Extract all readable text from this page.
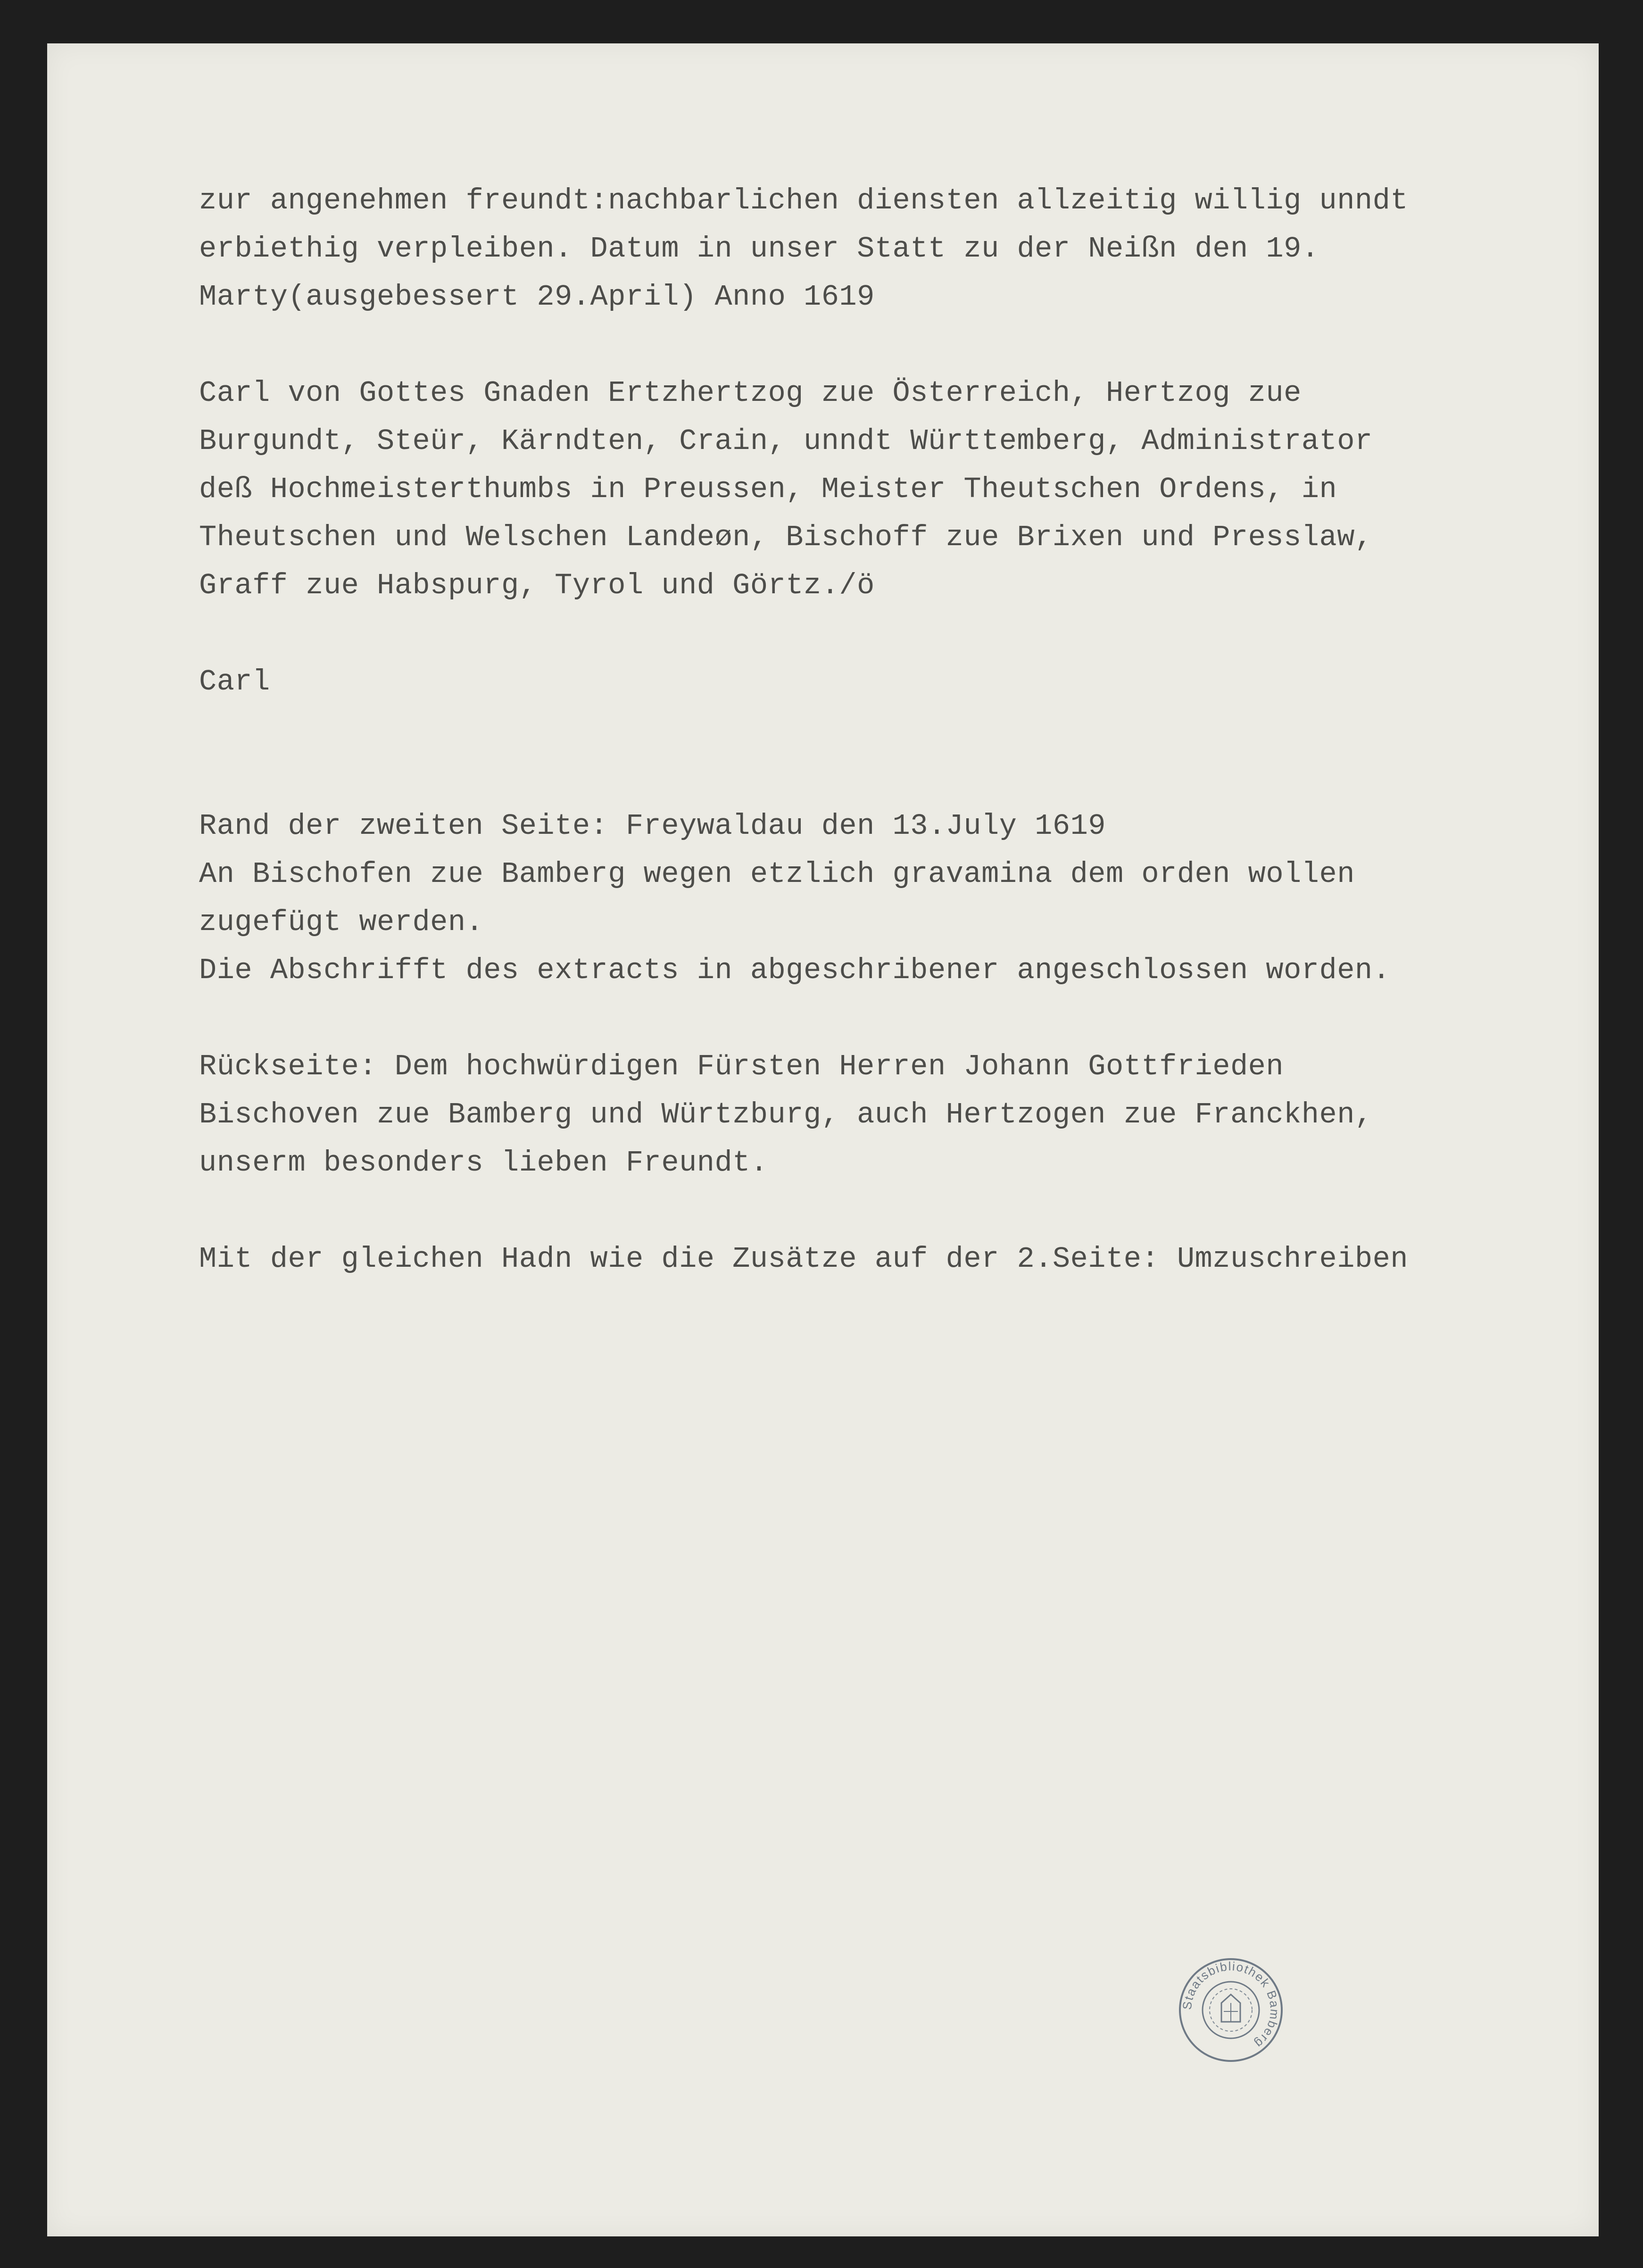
zur angenehmen freundt:nachbarlichen diensten allzeitig willig unndt

erbiethig verpleiben. Datum in unser Statt zu der Neißn den 19.

Marty(ausgebessert 29.April) Anno 1619

Carl von Gottes Gnaden Ertzhertzog zue Österreich, Hertzog zue

Burgundt, Steür, Kärndten, Crain, unndt Württemberg, Administrator

deß Hochmeisterthumbs in Preussen, Meister Theutschen Ordens, in

Theutschen und Welschen Landeøn, Bischoff zue Brixen und Presslaw,

Graff zue Habspurg, Tyrol und Görtz./ö

Carl

Rand der zweiten Seite: Freywaldau den 13.July 1619

An Bischofen zue Bamberg wegen etzlich gravamina dem orden wollen

zugefügt werden.

Die Abschrifft des extracts in abgeschribener angeschlossen worden.

Rückseite: Dem hochwürdigen Fürsten Herren Johann Gottfrieden

Bischoven zue Bamberg und Würtzburg, auch Hertzogen zue Franckhen,

unserm besonders lieben Freundt.

Mit der gleichen Hadn wie die Zusätze auf der 2.Seite: Umzuschreiben

Staatsbibliothek Bamberg
